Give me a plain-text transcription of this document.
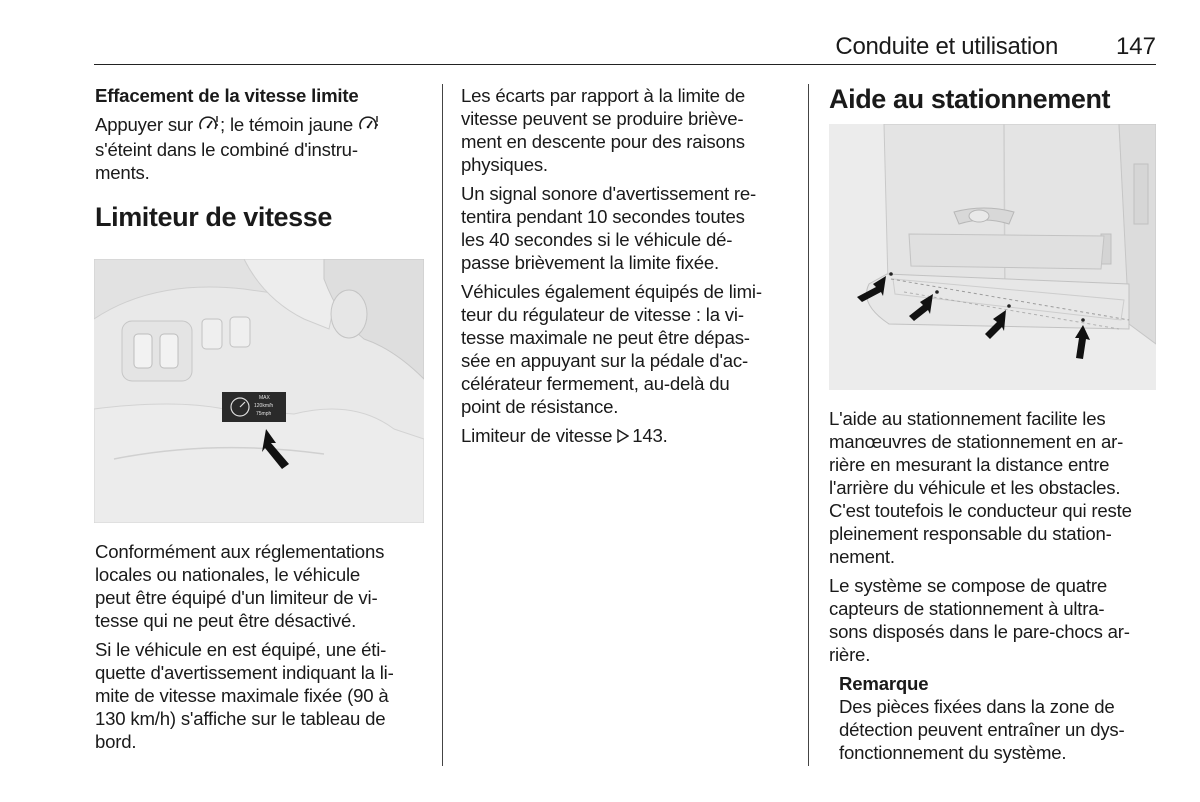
Conduite et utilisation 147

Effacement de la vitesse limite

Appuyer sur ; le témoin jaune
s'éteint dans le combiné d'instru-
ments.
Limiteur de vitesse
MAX
120km/h
75mph

Conformément aux réglementations
locales ou nationales, le véhicule
peut être équipé d'un limiteur de vi-
tesse qui ne peut être désactivé.

Si le véhicule en est équipé, une éti-
quette d'avertissement indiquant la li-
mite de vitesse maximale fixée (90 à
130 km/h) s'affiche sur le tableau de
bord.

Les écarts par rapport à la limite de
vitesse peuvent se produire briève-
ment en descente pour des raisons
physiques.

Un signal sonore d'avertissement re-
tentira pendant 10 secondes toutes
les 40 secondes si le véhicule dé-
passe brièvement la limite fixée.

Véhicules également équipés de limi-
teur du régulateur de vitesse : la vi-
tesse maximale ne peut être dépas-
sée en appuyant sur la pédale d'ac-
célérateur fermement, au-delà du
point de résistance.

Limiteur de vitesse 143.

Aide au stationnement

L'aide au stationnement facilite les
manœuvres de stationnement en ar-
rière en mesurant la distance entre
l'arrière du véhicule et les obstacles.
C'est toutefois le conducteur qui reste
pleinement responsable du station-
nement.

Le système se compose de quatre
capteurs de stationnement à ultra-
sons disposés dans le pare-chocs ar-
rière.

Remarque
Des pièces fixées dans la zone de
détection peuvent entraîner un dys-
fonctionnement du système.
